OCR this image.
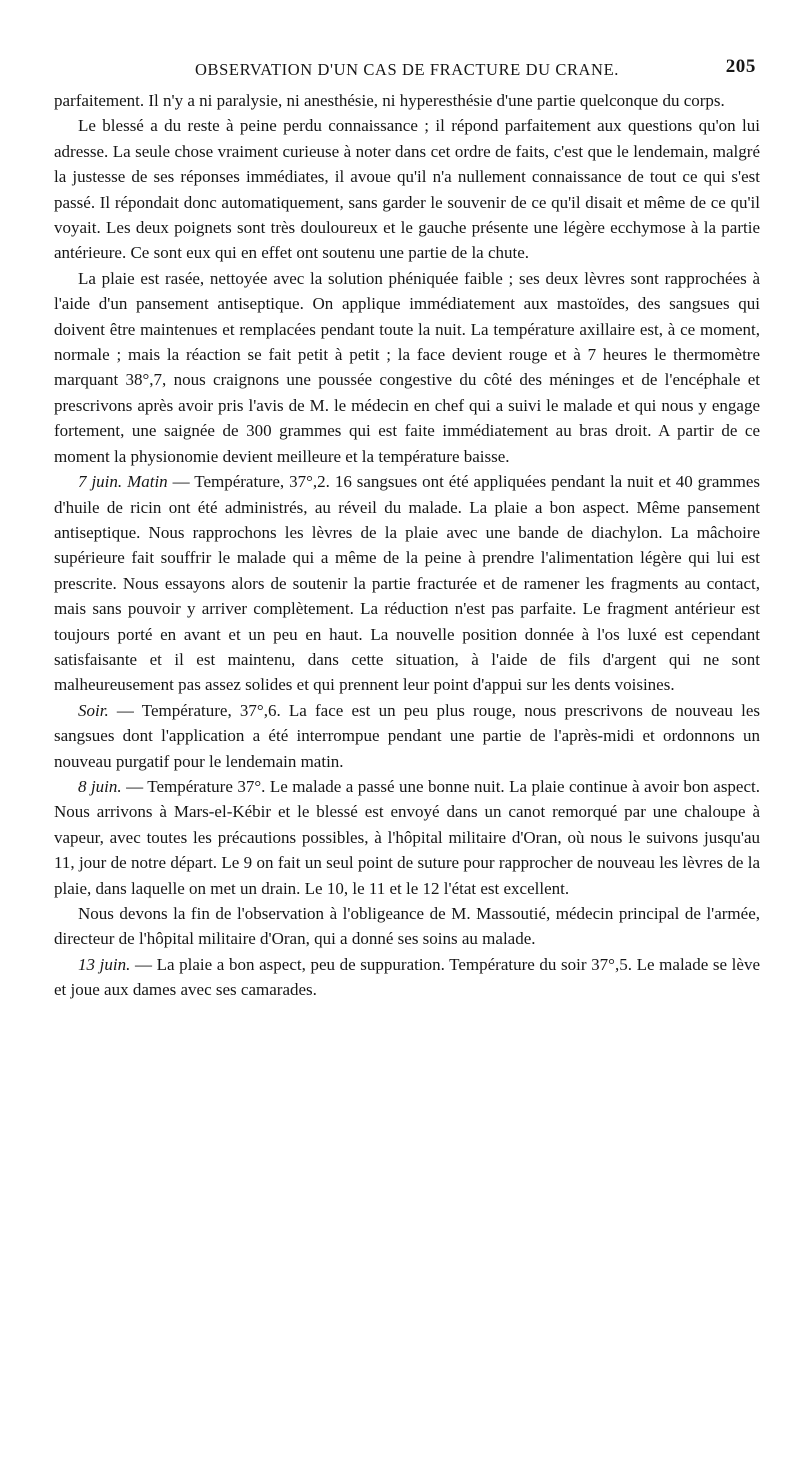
OBSERVATION D'UN CAS DE FRACTURE DU CRANE.	205

parfaitement. Il n'y a ni paralysie, ni anesthésie, ni hyperesthésie d'une partie quelconque du corps.

Le blessé a du reste à peine perdu connaissance ; il répond parfaitement aux questions qu'on lui adresse. La seule chose vraiment curieuse à noter dans cet ordre de faits, c'est que le lendemain, malgré la justesse de ses réponses immédiates, il avoue qu'il n'a nullement connaissance de tout ce qui s'est passé. Il répondait donc automatiquement, sans garder le souvenir de ce qu'il disait et même de ce qu'il voyait. Les deux poignets sont très douloureux et le gauche présente une légère ecchymose à la partie antérieure. Ce sont eux qui en effet ont soutenu une partie de la chute.

La plaie est rasée, nettoyée avec la solution phéniquée faible ; ses deux lèvres sont rapprochées à l'aide d'un pansement antiseptique. On applique immédiatement aux mastoïdes, des sangsues qui doivent être maintenues et remplacées pendant toute la nuit. La température axillaire est, à ce moment, normale ; mais la réaction se fait petit à petit ; la face devient rouge et à 7 heures le thermomètre marquant 38°,7, nous craignons une poussée congestive du côté des méninges et de l'encéphale et prescrivons après avoir pris l'avis de M. le médecin en chef qui a suivi le malade et qui nous y engage fortement, une saignée de 300 grammes qui est faite immédiatement au bras droit. A partir de ce moment la physionomie devient meilleure et la température baisse.

7 juin. Matin — Température, 37°,2. 16 sangsues ont été appliquées pendant la nuit et 40 grammes d'huile de ricin ont été administrés, au réveil du malade. La plaie a bon aspect. Même pansement antiseptique. Nous rapprochons les lèvres de la plaie avec une bande de diachylon. La mâchoire supérieure fait souffrir le malade qui a même de la peine à prendre l'alimentation légère qui lui est prescrite. Nous essayons alors de soutenir la partie fracturée et de ramener les fragments au contact, mais sans pouvoir y arriver complètement. La réduction n'est pas parfaite. Le fragment antérieur est toujours porté en avant et un peu en haut. La nouvelle position donnée à l'os luxé est cependant satisfaisante et il est maintenu, dans cette situation, à l'aide de fils d'argent qui ne sont malheureusement pas assez solides et qui prennent leur point d'appui sur les dents voisines.

Soir. — Température, 37°,6. La face est un peu plus rouge, nous prescrivons de nouveau les sangsues dont l'application a été interrompue pendant une partie de l'après-midi et ordonnons un nouveau purgatif pour le lendemain matin.

8 juin. — Température 37°. Le malade a passé une bonne nuit. La plaie continue à avoir bon aspect. Nous arrivons à Mars-el-Kébir et le blessé est envoyé dans un canot remorqué par une chaloupe à vapeur, avec toutes les précautions possibles, à l'hôpital militaire d'Oran, où nous le suivons jusqu'au 11, jour de notre départ. Le 9 on fait un seul point de suture pour rapprocher de nouveau les lèvres de la plaie, dans laquelle on met un drain. Le 10, le 11 et le 12 l'état est excellent.

Nous devons la fin de l'observation à l'obligeance de M. Massoutié, médecin principal de l'armée, directeur de l'hôpital militaire d'Oran, qui a donné ses soins au malade.

13 juin. — La plaie a bon aspect, peu de suppuration. Température du soir 37°,5. Le malade se lève et joue aux dames avec ses camarades.
